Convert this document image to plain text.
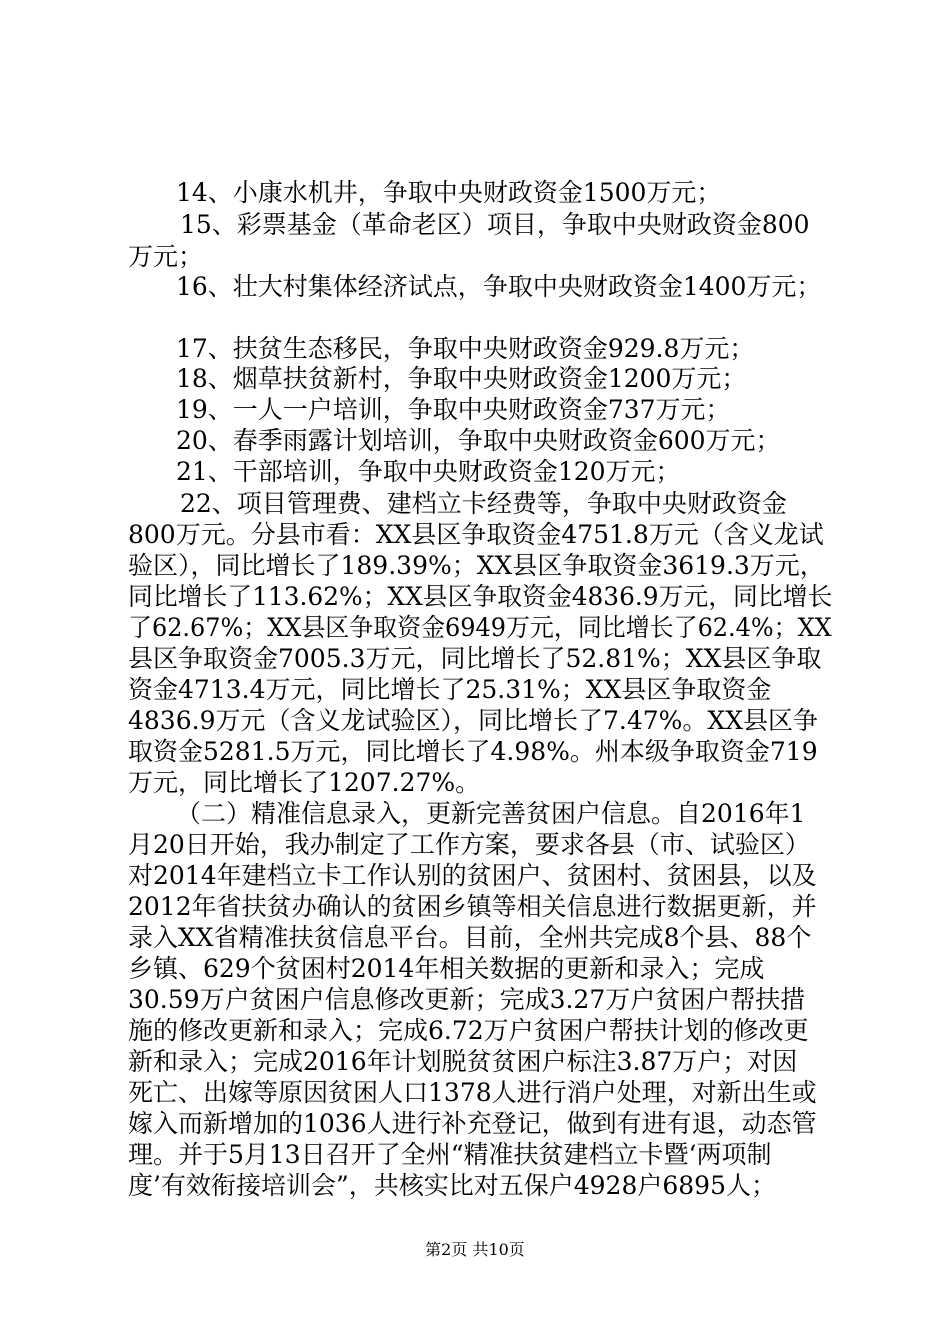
14、小康水机井，争取中央财政资金1500万元；
15、彩票基金（革命老区）项目，争取中央财政资金800
万元；
16、壮大村集体经济试点，争取中央财政资金1400万元；
17、扶贫生态移民，争取中央财政资金929.8万元；
18、烟草扶贫新村，争取中央财政资金1200万元；
19、一人一户培训，争取中央财政资金737万元；
20、春季雨露计划培训，争取中央财政资金600万元；
21、干部培训，争取中央财政资金120万元；
22、项目管理费、建档立卡经费等，争取中央财政资金
800万元。分县市看：XX县区争取资金4751.8万元（含义龙试
验区），同比增长了189.39%；XX县区争取资金3619.3万元，
同比增长了113.62%；XX县区争取资金4836.9万元，同比增长
了62.67%；XX县区争取资金6949万元，同比增长了62.4%；XX
县区争取资金7005.3万元，同比增长了52.81%；XX县区争取
资金4713.4万元，同比增长了25.31%；XX县区争取资金
4836.9万元（含义龙试验区），同比增长了7.47%。XX县区争
取资金5281.5万元，同比增长了4.98%。州本级争取资金719
万元，同比增长了1207.27%。
（二）精准信息录入，更新完善贫困户信息。自2016年1
月20日开始，我办制定了工作方案，要求各县（市、试验区）
对2014年建档立卡工作认别的贫困户、贫困村、贫困县，以及
2012年省扶贫办确认的贫困乡镇等相关信息进行数据更新，并
录入XX省精准扶贫信息平台。目前，全州共完成8个县、88个
乡镇、629个贫困村2014年相关数据的更新和录入；完成
30.59万户贫困户信息修改更新；完成3.27万户贫困户帮扶措
施的修改更新和录入；完成6.72万户贫困户帮扶计划的修改更
新和录入；完成2016年计划脱贫贫困户标注3.87万户；对因
死亡、出嫁等原因贫困人口1378人进行消户处理，对新出生或
嫁入而新增加的1036人进行补充登记，做到有进有退，动态管
理。并于5月13日召开了全州“精准扶贫建档立卡暨‘两项制
度’有效衔接培训会”，共核实比对五保户4928户6895人；
第2页 共10页
